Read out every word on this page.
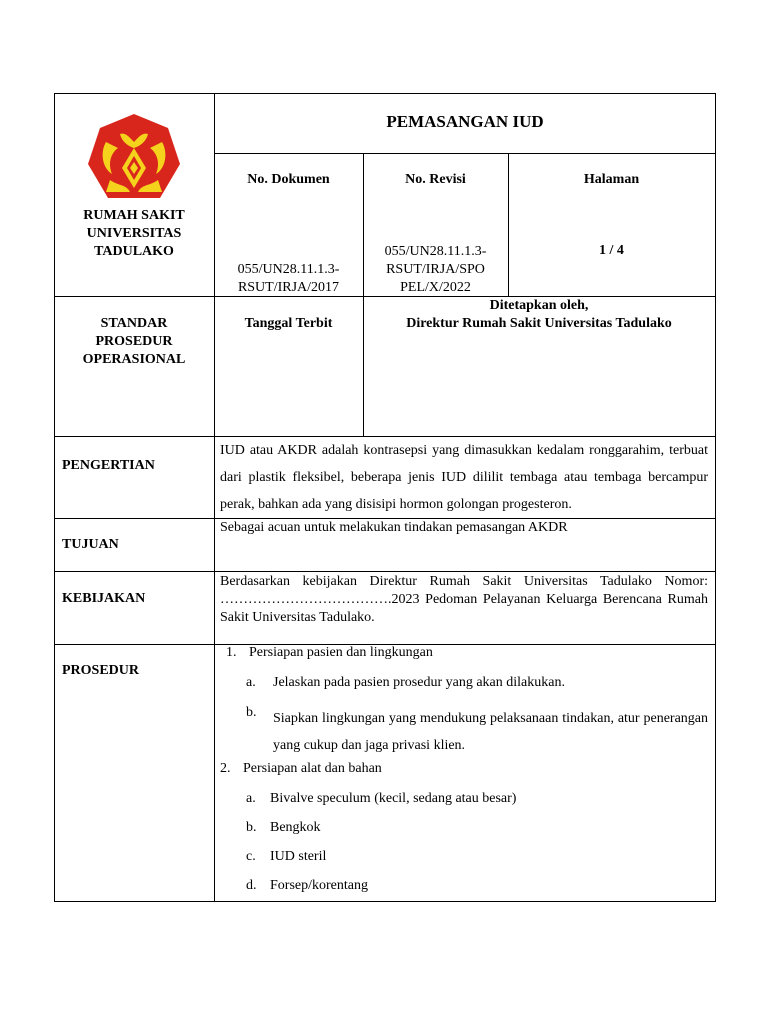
RUMAH SAKIT
UNIVERSITAS
TADULAKO
PEMASANGAN IUD
No. Dokumen
055/UN28.11.1.3-
RSUT/IRJA/2017
No. Revisi
055/UN28.11.1.3-
RSUT/IRJA/SPO
PEL/X/2022
Halaman
1 / 4
STANDAR
PROSEDUR
OPERASIONAL
Tanggal Terbit
Ditetapkan oleh,
Direktur Rumah Sakit Universitas Tadulako
PENGERTIAN
IUD atau AKDR adalah kontrasepsi yang dimasukkan kedalam ronggarahim, terbuat dari plastik fleksibel, beberapa jenis IUD dililit tembaga atau tembaga bercampur perak, bahkan ada yang disisipi hormon golongan progesteron.
TUJUAN
Sebagai acuan untuk melakukan tindakan pemasangan AKDR
KEBIJAKAN
Berdasarkan kebijakan Direktur Rumah Sakit Universitas Tadulako Nomor: ……………………………….2023 Pedoman Pelayanan Keluarga Berencana Rumah Sakit Universitas Tadulako.
PROSEDUR
1. Persiapan pasien dan lingkungan
a. Jelaskan pada pasien prosedur yang akan dilakukan.
b. Siapkan lingkungan yang mendukung pelaksanaan tindakan, atur penerangan yang cukup dan jaga privasi klien.
2. Persiapan alat dan bahan
a. Bivalve speculum (kecil, sedang atau besar)
b. Bengkok
c. IUD steril
d. Forsep/korentang
